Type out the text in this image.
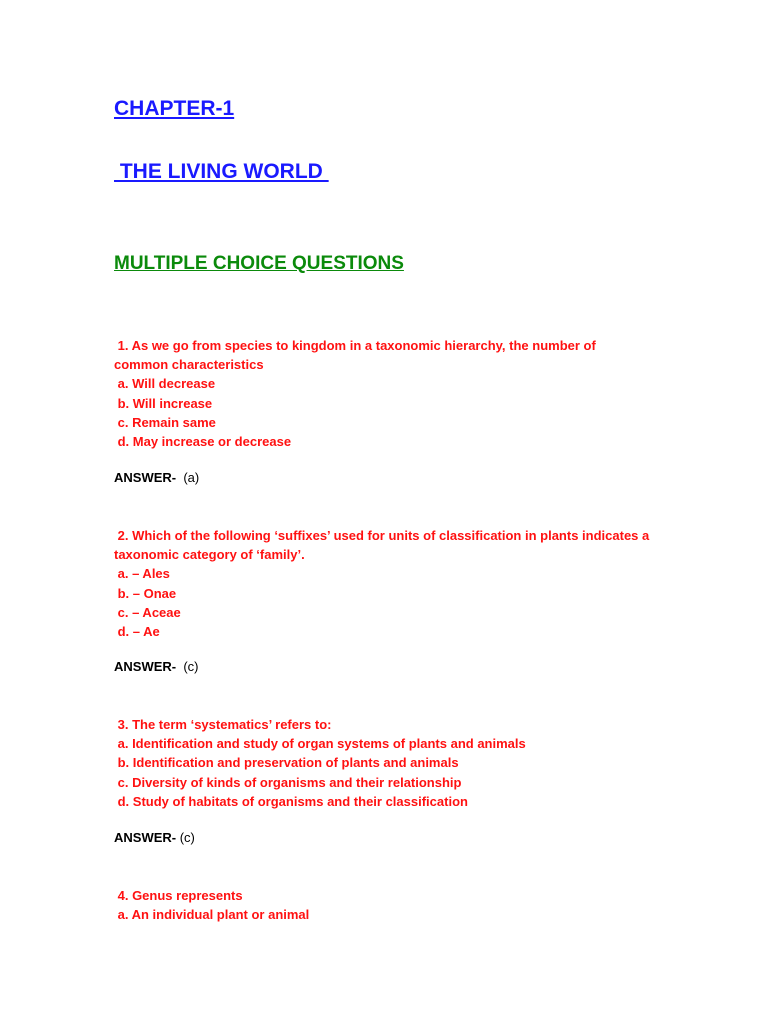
CHAPTER-1
THE LIVING WORLD
MULTIPLE CHOICE QUESTIONS
1. As we go from species to kingdom in a taxonomic hierarchy, the number of
common characteristics
a. Will decrease
b. Will increase
c. Remain same
d. May increase or decrease

ANSWER-  (a)

2. Which of the following ‘suffixes’ used for units of classification in plants indicates a
taxonomic category of ‘family’.
a. – Ales
b. – Onae
c. – Aceae
d. – Ae

ANSWER-  (c)

3. The term ‘systematics’ refers to:
a. Identification and study of organ systems of plants and animals
b. Identification and preservation of plants and animals
c. Diversity of kinds of organisms and their relationship
d. Study of habitats of organisms and their classification

ANSWER- (c)

4. Genus represents
a. An individual plant or animal
